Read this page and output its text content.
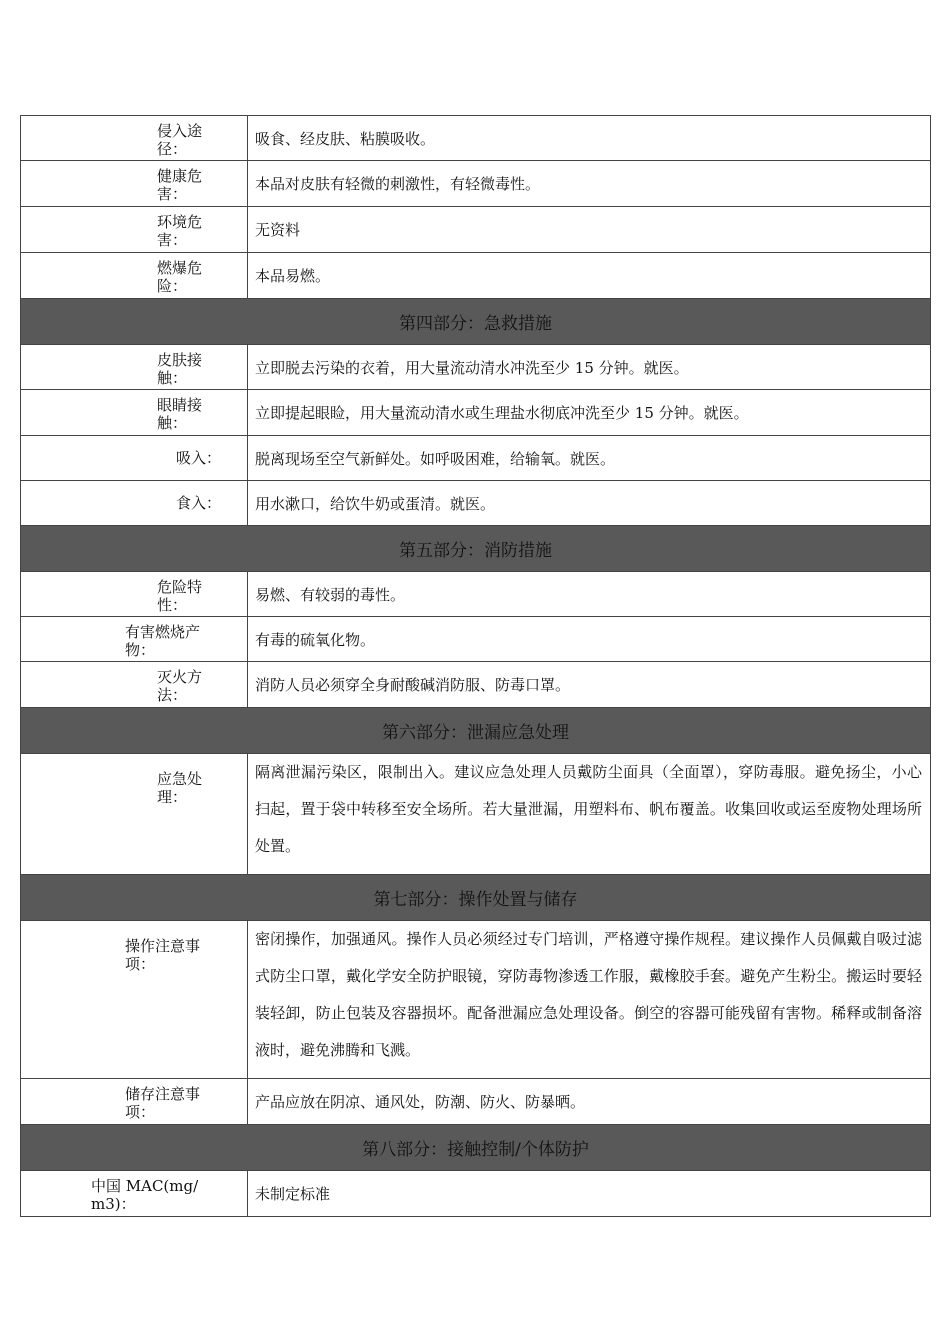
侵入途径：
吸食、经皮肤、粘膜吸收。
健康危害：
本品对皮肤有轻微的刺激性，有轻微毒性。
环境危害：
无资料
燃爆危险：
本品易燃。
第四部分：急救措施
皮肤接触：
立即脱去污染的衣着，用大量流动清水冲洗至少 15 分钟。就医。
眼睛接触：
立即提起眼睑，用大量流动清水或生理盐水彻底冲洗至少 15 分钟。就医。
吸入：	脱离现场至空气新鲜处。如呼吸困难，给输氧。就医。
食入：	用水漱口，给饮牛奶或蛋清。就医。
第五部分：消防措施
危险特性：
易燃、有较弱的毒性。
有害燃烧产物：
有毒的硫氧化物。
灭火方法：
消防人员必须穿全身耐酸碱消防服、防毒口罩。
第六部分：泄漏应急处理
应急处理：
隔离泄漏污染区，限制出入。建议应急处理人员戴防尘面具（全面罩），穿防毒服。避免扬尘，小心扫起，置于袋中转移至安全场所。若大量泄漏，用塑料布、帆布覆盖。收集回收或运至废物处理场所处置。
第七部分：操作处置与储存
操作注意事项：
密闭操作，加强通风。操作人员必须经过专门培训，严格遵守操作规程。建议操作人员佩戴自吸过滤式防尘口罩，戴化学安全防护眼镜，穿防毒物渗透工作服，戴橡胶手套。避免产生粉尘。搬运时要轻装轻卸，防止包装及容器损坏。配备泄漏应急处理设备。倒空的容器可能残留有害物。稀释或制备溶液时，避免沸腾和飞溅。
储存注意事项：
产品应放在阴凉、通风处，防潮、防火、防暴晒。
第八部分：接触控制/个体防护
中国 MAC(mg/m3)：
未制定标准
